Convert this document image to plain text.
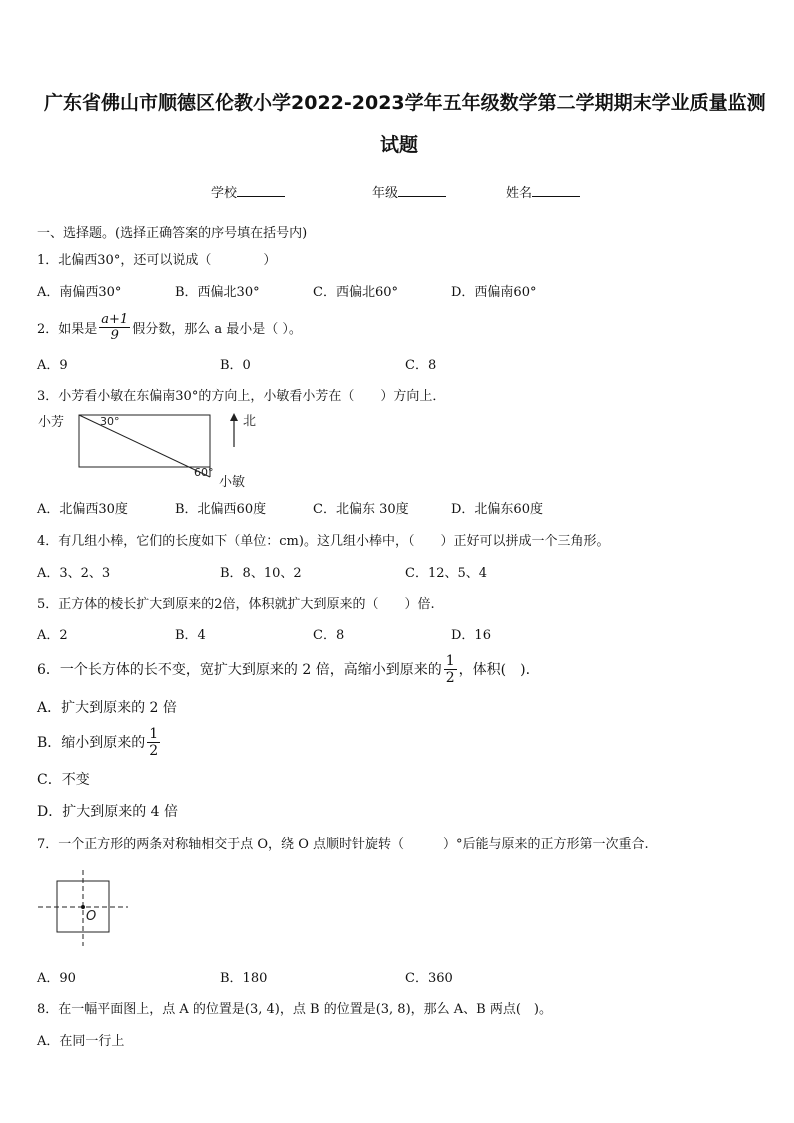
广东省佛山市顺德区伦教小学2022-2023学年五年级数学第二学期期末学业质量监测
试题
学校	年级	姓名
一、选择题。(选择正确答案的序号填在括号内)
1．北偏西30°，还可以说成（　　　　）
A．南偏西30°	B．西偏北30°	C．西偏北60°	D．西偏南60°
2．如果是 $\frac{a+1}{9}$ 假分数，那么 a 最小是（ ）。
A．9	B．0	C．8
3．小芳看小敏在东偏南30°的方向上，小敏看小芳在（　　）方向上．
小芳
小敏
30°
60°
北
A．北偏西30度	B．北偏西60度	C．北偏东 30度	D．北偏东60度
4．有几组小棒，它们的长度如下（单位：cm)。这几组小棒中，（　　）正好可以拼成一个三角形。
A．3、2、3	B．8、10、2	C．12、5、4
5．正方体的棱长扩大到原来的2倍，体积就扩大到原来的（　　）倍.
A．2	B．4	C．8	D．16
6．一个长方体的长不变，宽扩大到原来的 2 倍，高缩小到原来的 $\frac{1}{2}$ ，体积(　).
A．扩大到原来的 2 倍
B．缩小到原来的 $\frac{1}{2}$
C．不变
D．扩大到原来的 4 倍
7．一个正方形的两条对称轴相交于点 O，绕 O 点顺时针旋转（　　　）°后能与原来的正方形第一次重合.
O
A．90	B．180	C．360
8．在一幅平面图上，点 A 的位置是(3, 4)，点 B 的位置是(3, 8)，那么 A、B 两点(　)。
A．在同一行上
